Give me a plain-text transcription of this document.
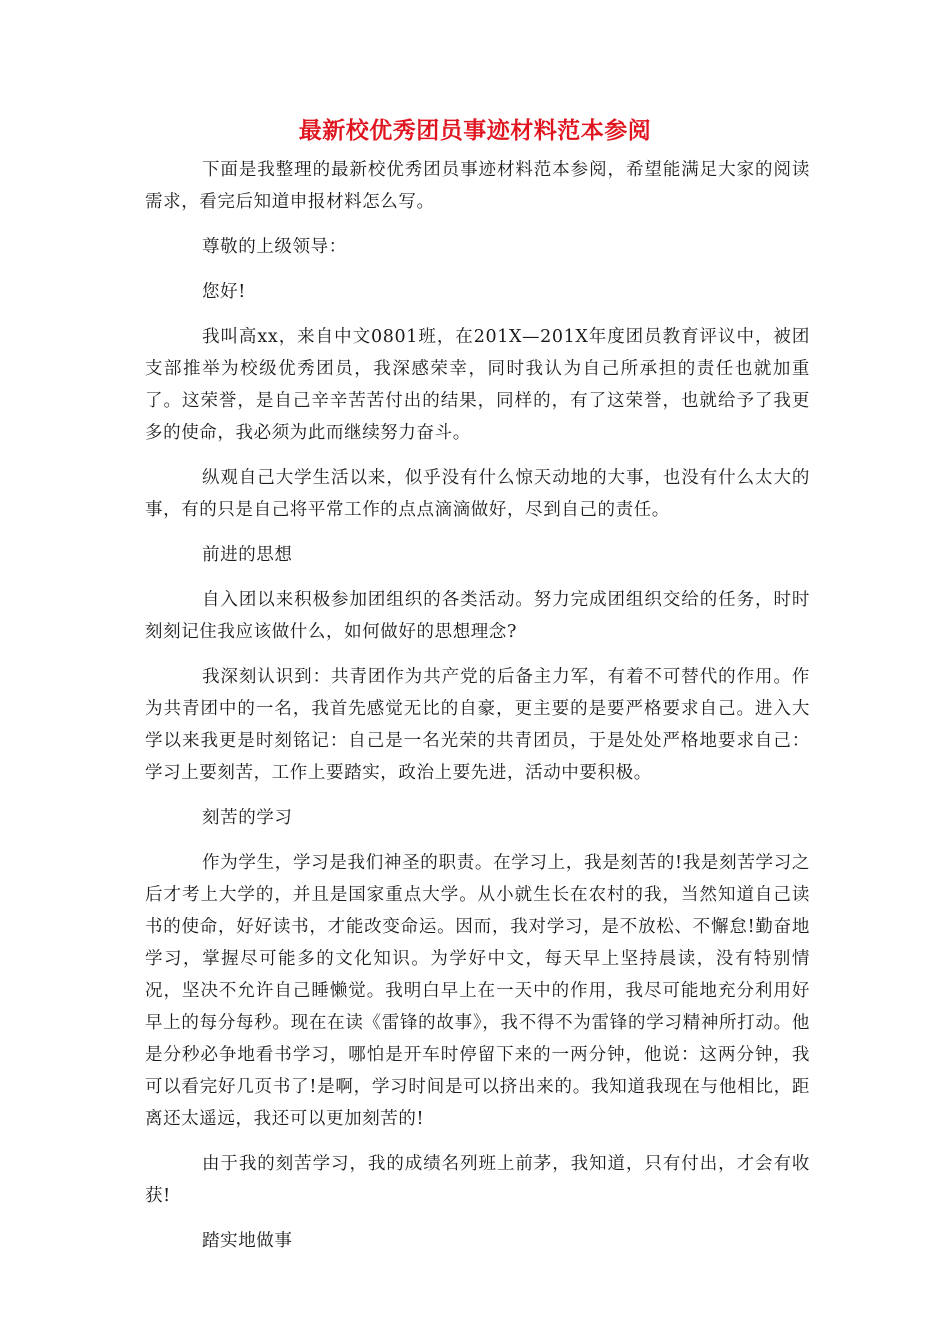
最新校优秀团员事迹材料范本参阅

下面是我整理的最新校优秀团员事迹材料范本参阅，希望能满足大家的阅读需求，看完后知道申报材料怎么写。

尊敬的上级领导：

您好!

我叫高xx，来自中文0801班，在201X—201X年度团员教育评议中，被团支部推举为校级优秀团员，我深感荣幸，同时我认为自己所承担的责任也就加重了。这荣誉，是自己辛辛苦苦付出的结果，同样的，有了这荣誉，也就给予了我更多的使命，我必须为此而继续努力奋斗。

纵观自己大学生活以来，似乎没有什么惊天动地的大事，也没有什么太大的事，有的只是自己将平常工作的点点滴滴做好，尽到自己的责任。

前进的思想

自入团以来积极参加团组织的各类活动。努力完成团组织交给的任务，时时刻刻记住我应该做什么，如何做好的思想理念?

我深刻认识到：共青团作为共产党的后备主力军，有着不可替代的作用。作为共青团中的一名，我首先感觉无比的自豪，更主要的是要严格要求自己。进入大学以来我更是时刻铭记：自己是一名光荣的共青团员，于是处处严格地要求自己：学习上要刻苦，工作上要踏实，政治上要先进，活动中要积极。

刻苦的学习

作为学生，学习是我们神圣的职责。在学习上，我是刻苦的!我是刻苦学习之后才考上大学的，并且是国家重点大学。从小就生长在农村的我，当然知道自己读书的使命，好好读书，才能改变命运。因而，我对学习，是不放松、不懈怠!勤奋地学习，掌握尽可能多的文化知识。为学好中文，每天早上坚持晨读，没有特别情况，坚决不允许自己睡懒觉。我明白早上在一天中的作用，我尽可能地充分利用好早上的每分每秒。现在在读《雷锋的故事》，我不得不为雷锋的学习精神所打动。他是分秒必争地看书学习，哪怕是开车时停留下来的一两分钟，他说：这两分钟，我可以看完好几页书了!是啊，学习时间是可以挤出来的。我知道我现在与他相比，距离还太遥远，我还可以更加刻苦的!

由于我的刻苦学习，我的成绩名列班上前茅，我知道，只有付出，才会有收获!

踏实地做事
